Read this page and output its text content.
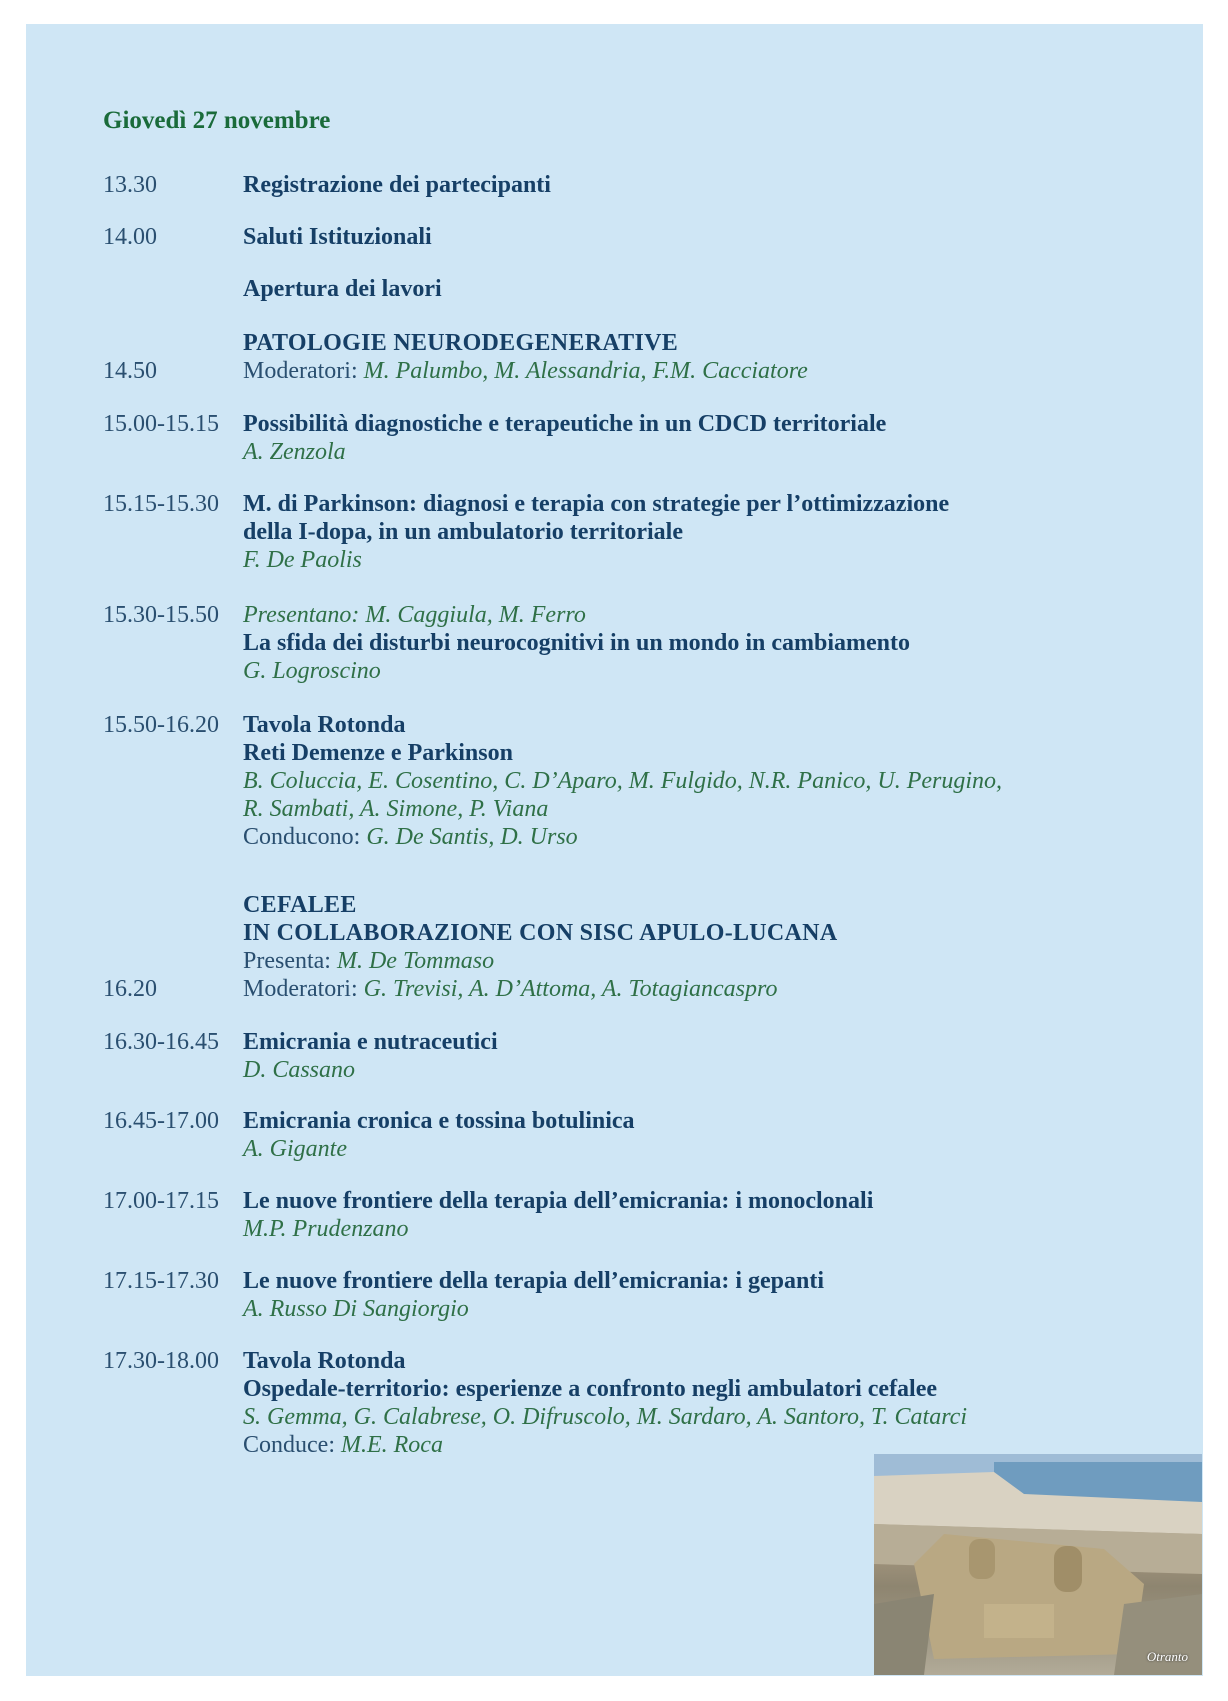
Giovedì 27 novembre
13.30
14.00
14.50
15.00-15.15
15.15-15.30
15.30-15.50
15.50-16.20
16.20
16.30-16.45
16.45-17.00
17.00-17.15
17.15-17.30
17.30-18.00
Registrazione dei partecipanti
Saluti Istituzionali
Apertura dei lavori
PATOLOGIE NEURODEGENERATIVE
Moderatori: M. Palumbo, M. Alessandria, F.M. Cacciatore
Possibilità diagnostiche e terapeutiche in un CDCD territoriale
A. Zenzola
M. di Parkinson: diagnosi e terapia con strategie per l’ottimizzazione
della I-dopa, in un ambulatorio territoriale
F. De Paolis
Presentano: M. Caggiula, M. Ferro
La sfida dei disturbi neurocognitivi in un mondo in cambiamento
G. Logroscino
Tavola Rotonda
Reti Demenze e Parkinson
B. Coluccia, E. Cosentino, C. D’Aparo, M. Fulgido, N.R. Panico, U. Perugino,
R. Sambati, A. Simone, P. Viana
Conducono: G. De Santis, D. Urso
CEFALEE
IN COLLABORAZIONE CON SISC APULO-LUCANA
Presenta: M. De Tommaso
Moderatori: G. Trevisi, A. D’Attoma, A. Totagiancaspro
Emicrania e nutraceutici
D. Cassano
Emicrania cronica e tossina botulinica
A. Gigante
Le nuove frontiere della terapia dell’emicrania: i monoclonali
M.P. Prudenzano
Le nuove frontiere della terapia dell’emicrania: i gepanti
A. Russo Di Sangiorgio
Tavola Rotonda
Ospedale-territorio: esperienze a confronto negli ambulatori cefalee
S. Gemma, G. Calabrese, O. Difruscolo, M. Sardaro, A. Santoro, T. Catarci
Conduce: M.E. Roca
Otranto
